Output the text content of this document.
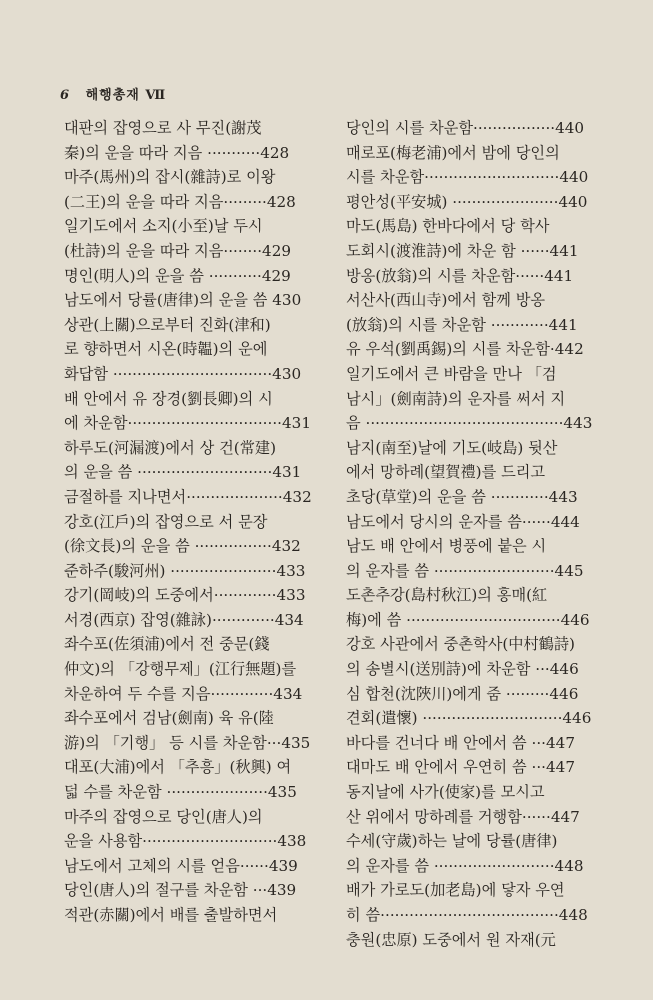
6 해행총재 Ⅶ
대판의 잡영으로 사 무진(謝茂
秦)의 운을 따라 지음 ···········428
마주(馬州)의 잡시(雜詩)로 이왕
(二王)의 운을 따라 지음·········428
일기도에서 소지(小至)날 두시
(杜詩)의 운을 따라 지음········429
명인(明人)의 운을 씀 ···········429
남도에서 당률(唐律)의 운을 씀 430
상관(上關)으로부터 진화(津和)
로 향하면서 시온(時韞)의 운에
화답함 ·································430
배 안에서 유 장경(劉長卿)의 시
에 차운함································431
하루도(河漏渡)에서 상 건(常建)
의 운을 씀 ····························431
금절하를 지나면서····················432
강호(江戶)의 잡영으로 서 문장
(徐文長)의 운을 씀 ················432
준하주(駿河州) ······················433
강기(岡岐)의 도중에서·············433
서경(西京) 잡영(雜詠)·············434
좌수포(佐須浦)에서 전 중문(錢
仲文)의 「강행무제」(江行無題)를
차운하여 두 수를 지음·············434
좌수포에서 검남(劍南) 육 유(陸
游)의 「기행」 등 시를 차운함···435
대포(大浦)에서 「추흥」(秋興) 여
덟 수를 차운함 ·····················435
마주의 잡영으로 당인(唐人)의
운을 사용함····························438
남도에서 고체의 시를 얻음······439
당인(唐人)의 절구를 차운함 ···439
적관(赤關)에서 배를 출발하면서
당인의 시를 차운함·················440
매로포(梅老浦)에서 밤에 당인의
시를 차운함····························440
평안성(平安城) ······················440
마도(馬島) 한바다에서 당 학사
도회시(渡淮詩)에 차운 함 ······441
방옹(放翁)의 시를 차운함······441
서산사(西山寺)에서 함께 방옹
(放翁)의 시를 차운함 ············441
유 우석(劉禹錫)의 시를 차운함·442
일기도에서 큰 바람을 만나 「검
남시」(劍南詩)의 운자를 써서 지
음 ·········································443
남지(南至)날에 기도(岐島) 뒷산
에서 망하례(望賀禮)를 드리고
초당(草堂)의 운을 씀 ············443
남도에서 당시의 운자를 씀······444
남도 배 안에서 병풍에 붙은 시
의 운자를 씀 ·························445
도촌추강(島村秋江)의 홍매(紅
梅)에 씀 ································446
강호 사관에서 중촌학사(中村鶴詩)
의 송별시(送別詩)에 차운함 ···446
심 합천(沈陜川)에게 줌 ·········446
견회(遣懷) ·····························446
바다를 건너다 배 안에서 씀 ···447
대마도 배 안에서 우연히 씀 ···447
동지날에 사가(使家)를 모시고
산 위에서 망하례를 거행함······447
수세(守歲)하는 날에 당률(唐律)
의 운자를 씀 ·························448
배가 가로도(加老島)에 닿자 우연
히 씀·····································448
충원(忠原) 도중에서 원 자재(元
